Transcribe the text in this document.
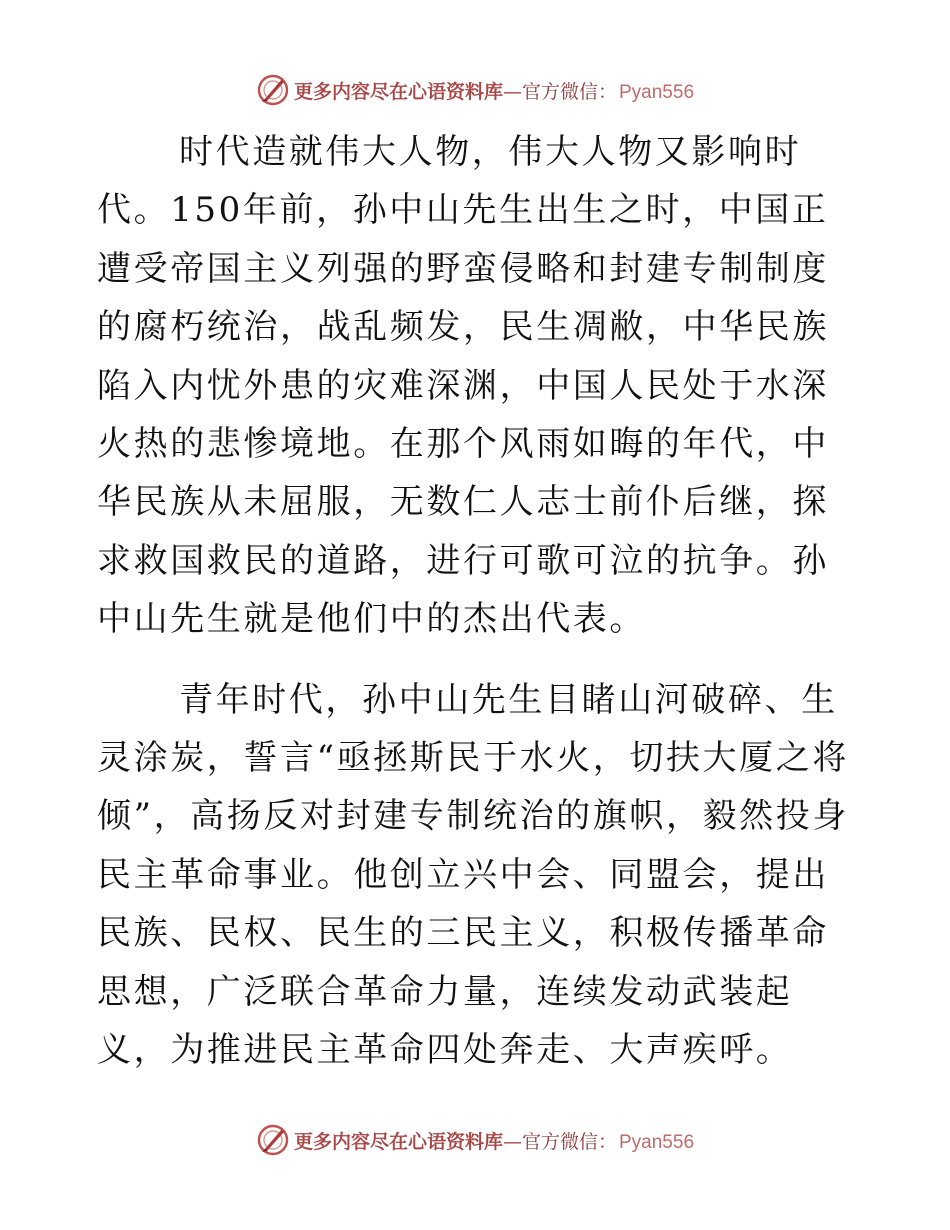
更多内容尽在心语资料库—官方微信： Pyan556

时代造就伟大人物，伟大人物又影响时代。150年前，孙中山先生出生之时，中国正遭受帝国主义列强的野蛮侵略和封建专制制度的腐朽统治，战乱频发，民生凋敝，中华民族陷入内忧外患的灾难深渊，中国人民处于水深火热的悲惨境地。在那个风雨如晦的年代，中华民族从未屈服，无数仁人志士前仆后继，探求救国救民的道路，进行可歌可泣的抗争。孙中山先生就是他们中的杰出代表。

青年时代，孙中山先生目睹山河破碎、生灵涂炭，誓言“亟拯斯民于水火，切扶大厦之将倾”，高扬反对封建专制统治的旗帜，毅然投身民主革命事业。他创立兴中会、同盟会，提出民族、民权、民生的三民主义，积极传播革命思想，广泛联合革命力量，连续发动武装起义，为推进民主革命四处奔走、大声疾呼。

更多内容尽在心语资料库—官方微信： Pyan556
